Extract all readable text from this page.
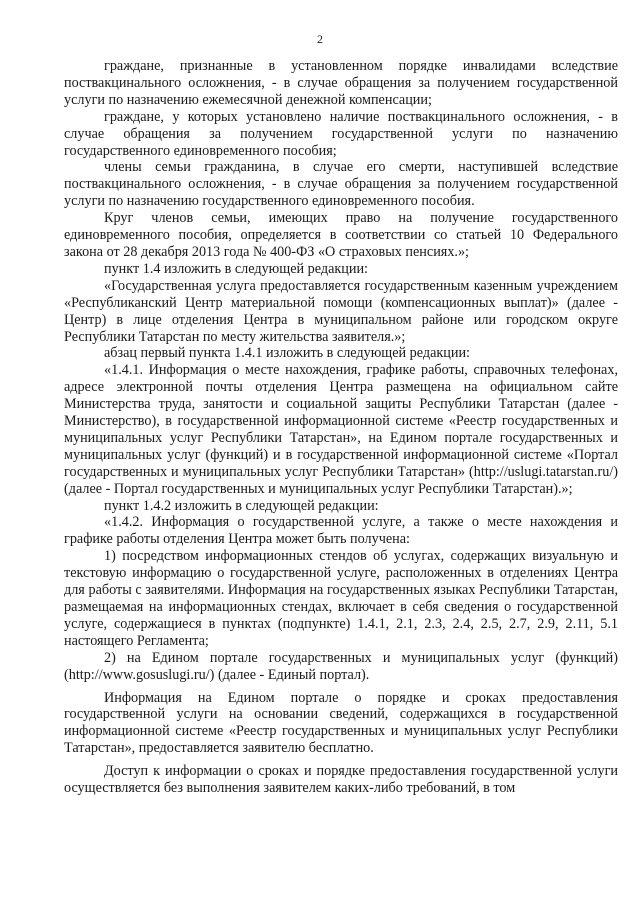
2

граждане, признанные в установленном порядке инвалидами вследствие поствакцинального осложнения, - в случае обращения за получением государственной услуги по назначению ежемесячной денежной компенсации;

граждане, у которых установлено наличие поствакцинального осложнения, - в случае обращения за получением государственной услуги по назначению государственного единовременного пособия;

члены семьи гражданина, в случае его смерти, наступившей вследствие поствакцинального осложнения, - в случае обращения за получением государственной услуги по назначению государственного единовременного пособия.

Круг членов семьи, имеющих право на получение государственного единовременного пособия, определяется в соответствии со статьей 10 Федерального закона от 28 декабря 2013 года № 400-ФЗ «О страховых пенсиях.»;

пункт 1.4 изложить в следующей редакции:

«Государственная услуга предоставляется государственным казенным учреждением «Республиканский Центр материальной помощи (компенсационных выплат)» (далее - Центр) в лице отделения Центра в муниципальном районе или городском округе Республики Татарстан по месту жительства заявителя.»;

абзац первый пункта 1.4.1 изложить в следующей редакции:

«1.4.1. Информация о месте нахождения, графике работы, справочных телефонах, адресе электронной почты отделения Центра размещена на официальном сайте Министерства труда, занятости и социальной защиты Республики Татарстан (далее - Министерство), в государственной информационной системе «Реестр государственных и муниципальных услуг Республики Татарстан», на Едином портале государственных и муниципальных услуг (функций) и в государственной информационной системе «Портал государственных и муниципальных услуг Республики Татарстан» (http://uslugi.tatarstan.ru/) (далее - Портал государственных и муниципальных услуг Республики Татарстан).»;

пункт 1.4.2 изложить в следующей редакции:

«1.4.2. Информация о государственной услуге, а также о месте нахождения и графике работы отделения Центра может быть получена:

1) посредством информационных стендов об услугах, содержащих визуальную и текстовую информацию о государственной услуге, расположенных в отделениях Центра для работы с заявителями. Информация на государственных языках Республики Татарстан, размещаемая на информационных стендах, включает в себя сведения о государственной услуге, содержащиеся в пунктах (подпункте) 1.4.1, 2.1, 2.3, 2.4, 2.5, 2.7, 2.9, 2.11, 5.1 настоящего Регламента;

2) на Едином портале государственных и муниципальных услуг (функций) (http://www.gosuslugi.ru/) (далее - Единый портал).

Информация на Едином портале о порядке и сроках предоставления государственной услуги на основании сведений, содержащихся в государственной информационной системе «Реестр государственных и муниципальных услуг Республики Татарстан», предоставляется заявителю бесплатно.

Доступ к информации о сроках и порядке предоставления государственной услуги осуществляется без выполнения заявителем каких-либо требований, в том
